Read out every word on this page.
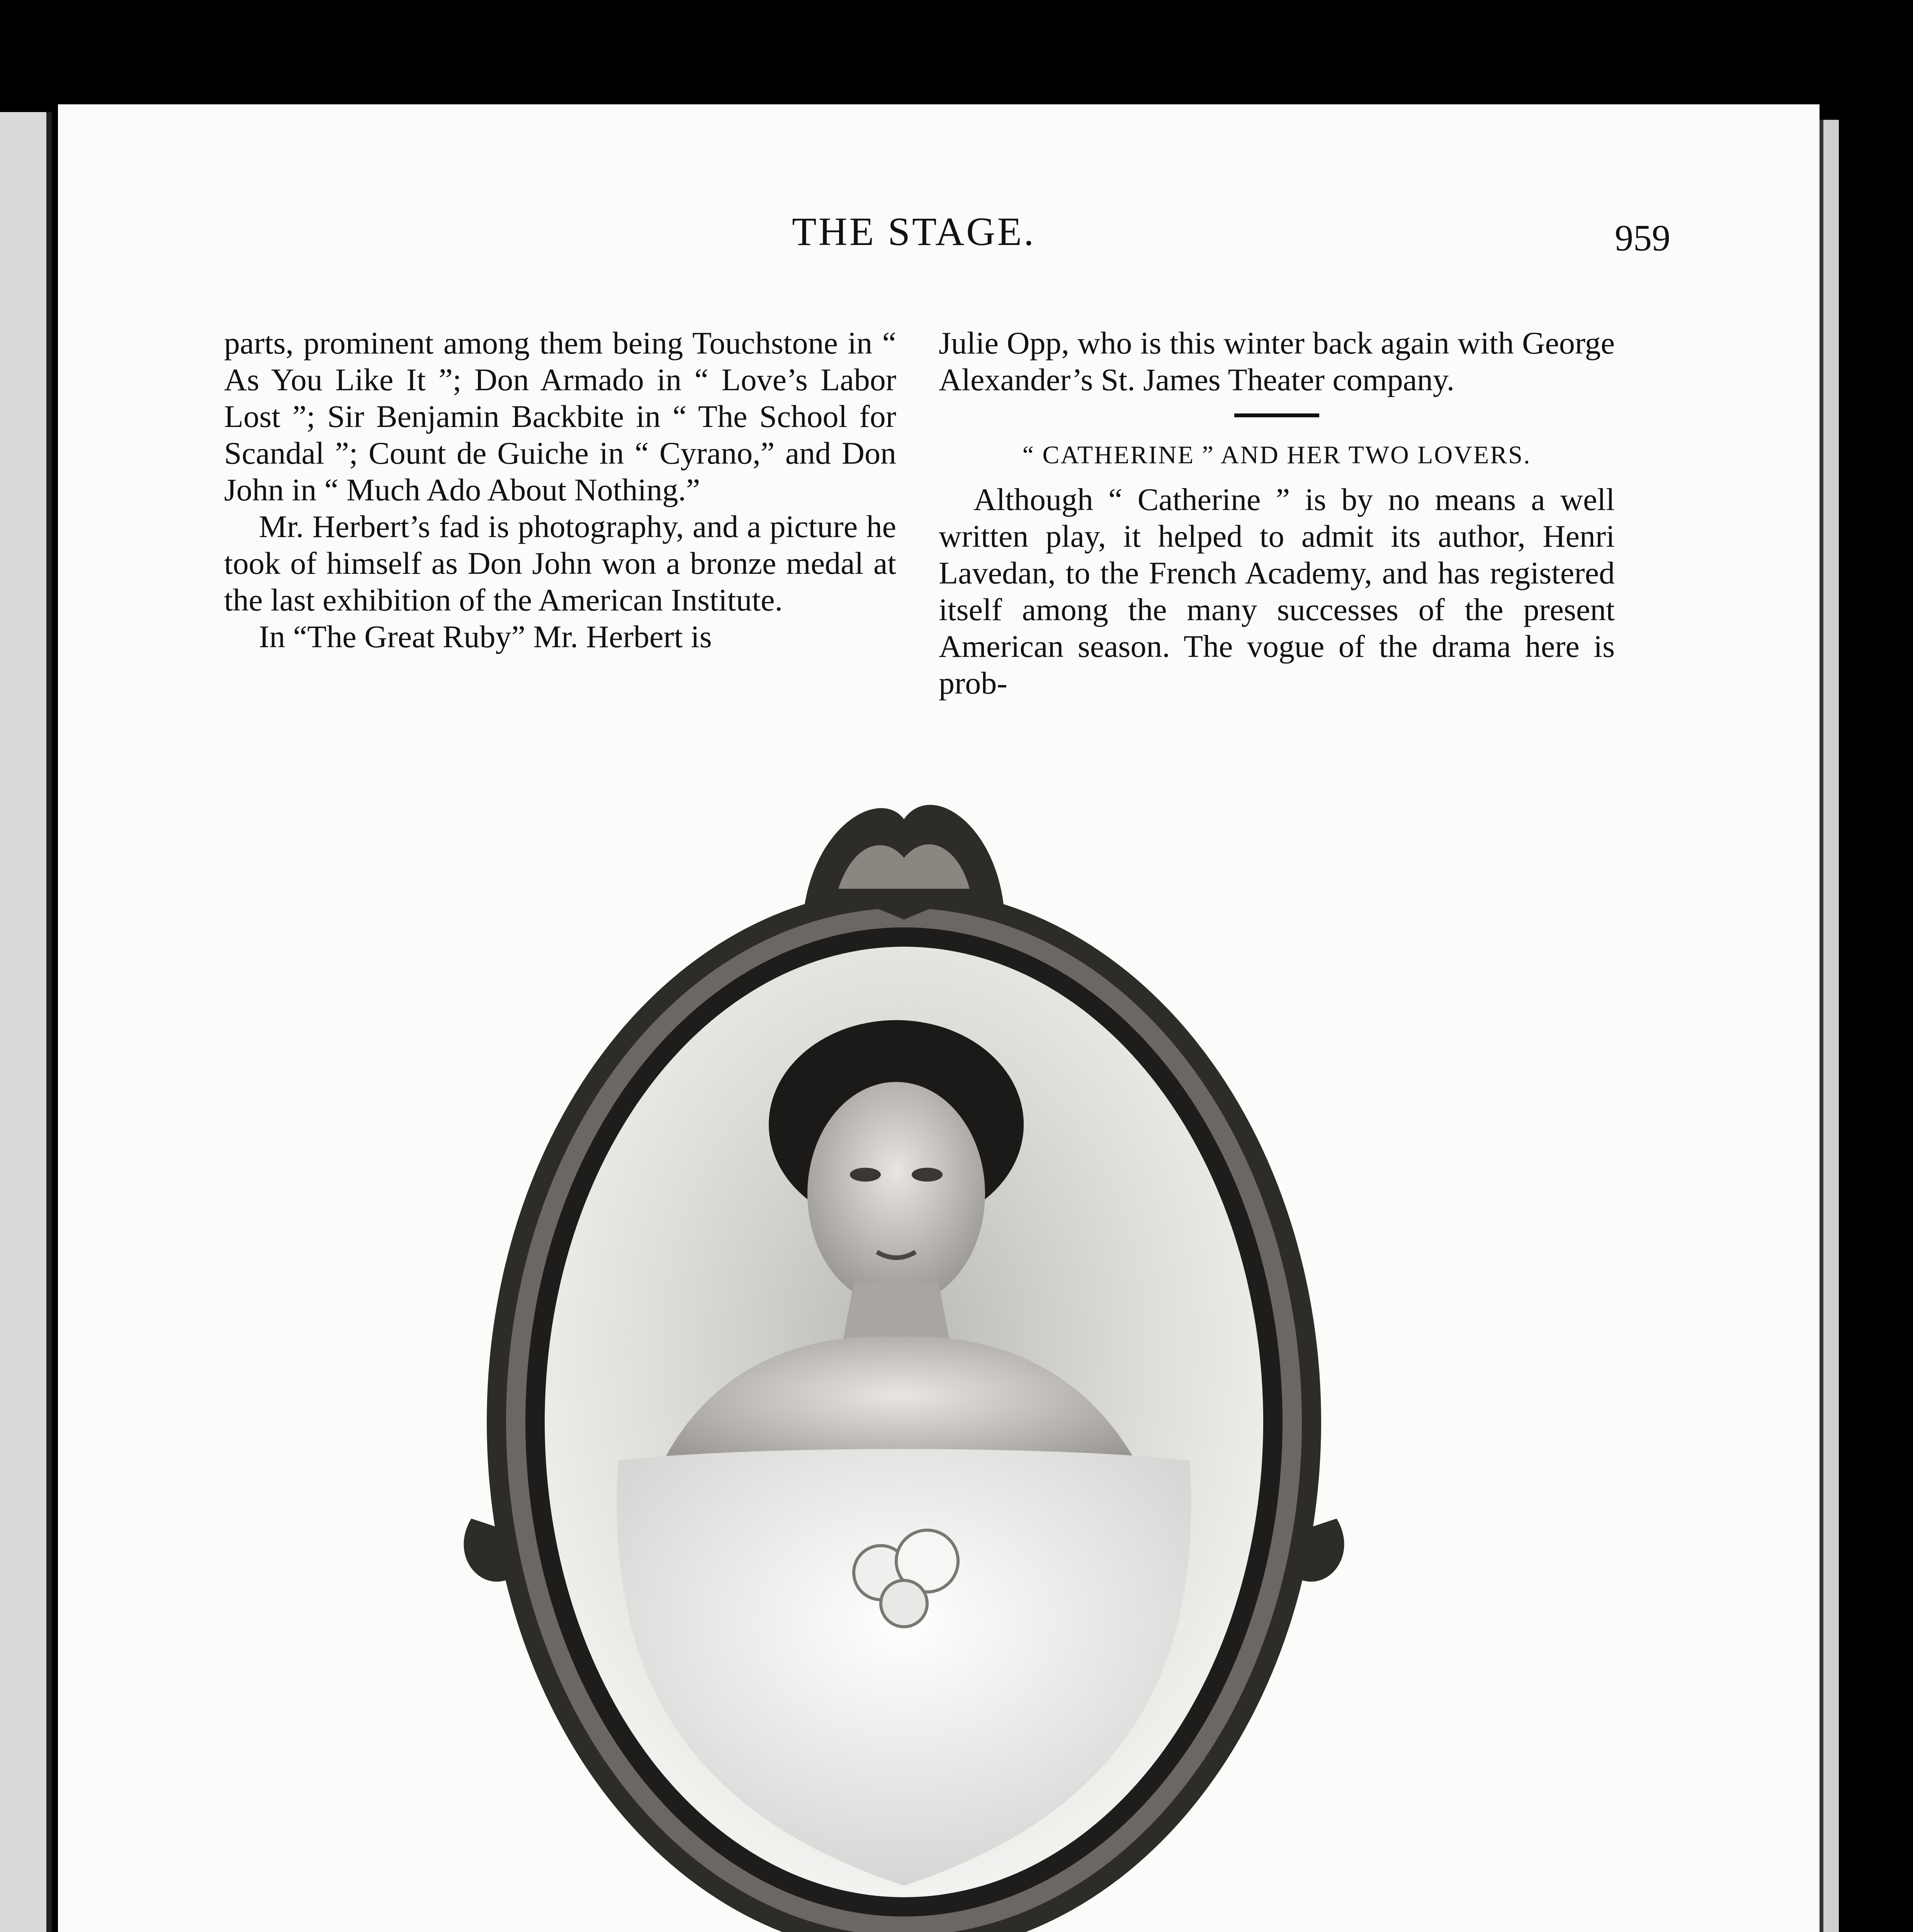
THE STAGE.	959

parts, prominent among them being Touchstone in “ As You Like It ”; Don Armado in “ Love’s Labor Lost ”; Sir Benjamin Backbite in “ The School for Scandal ”; Count de Guiche in “ Cyrano,” and Don John in “ Much Ado About Nothing.”

Mr. Herbert’s fad is photography, and a picture he took of himself as Don John won a bronze medal at the last exhibition of the American Institute.

In “The Great Ruby” Mr. Herbert is

Julie Opp, who is this winter back again with George Alexander’s St. James Theater company.

“ CATHERINE ” AND HER TWO LOVERS.

Although “ Catherine ” is by no means a well written play, it helped to admit its author, Henri Lavedan, to the French Academy, and has registered itself among the many successes of the present American season. The vogue of the drama here is prob-
